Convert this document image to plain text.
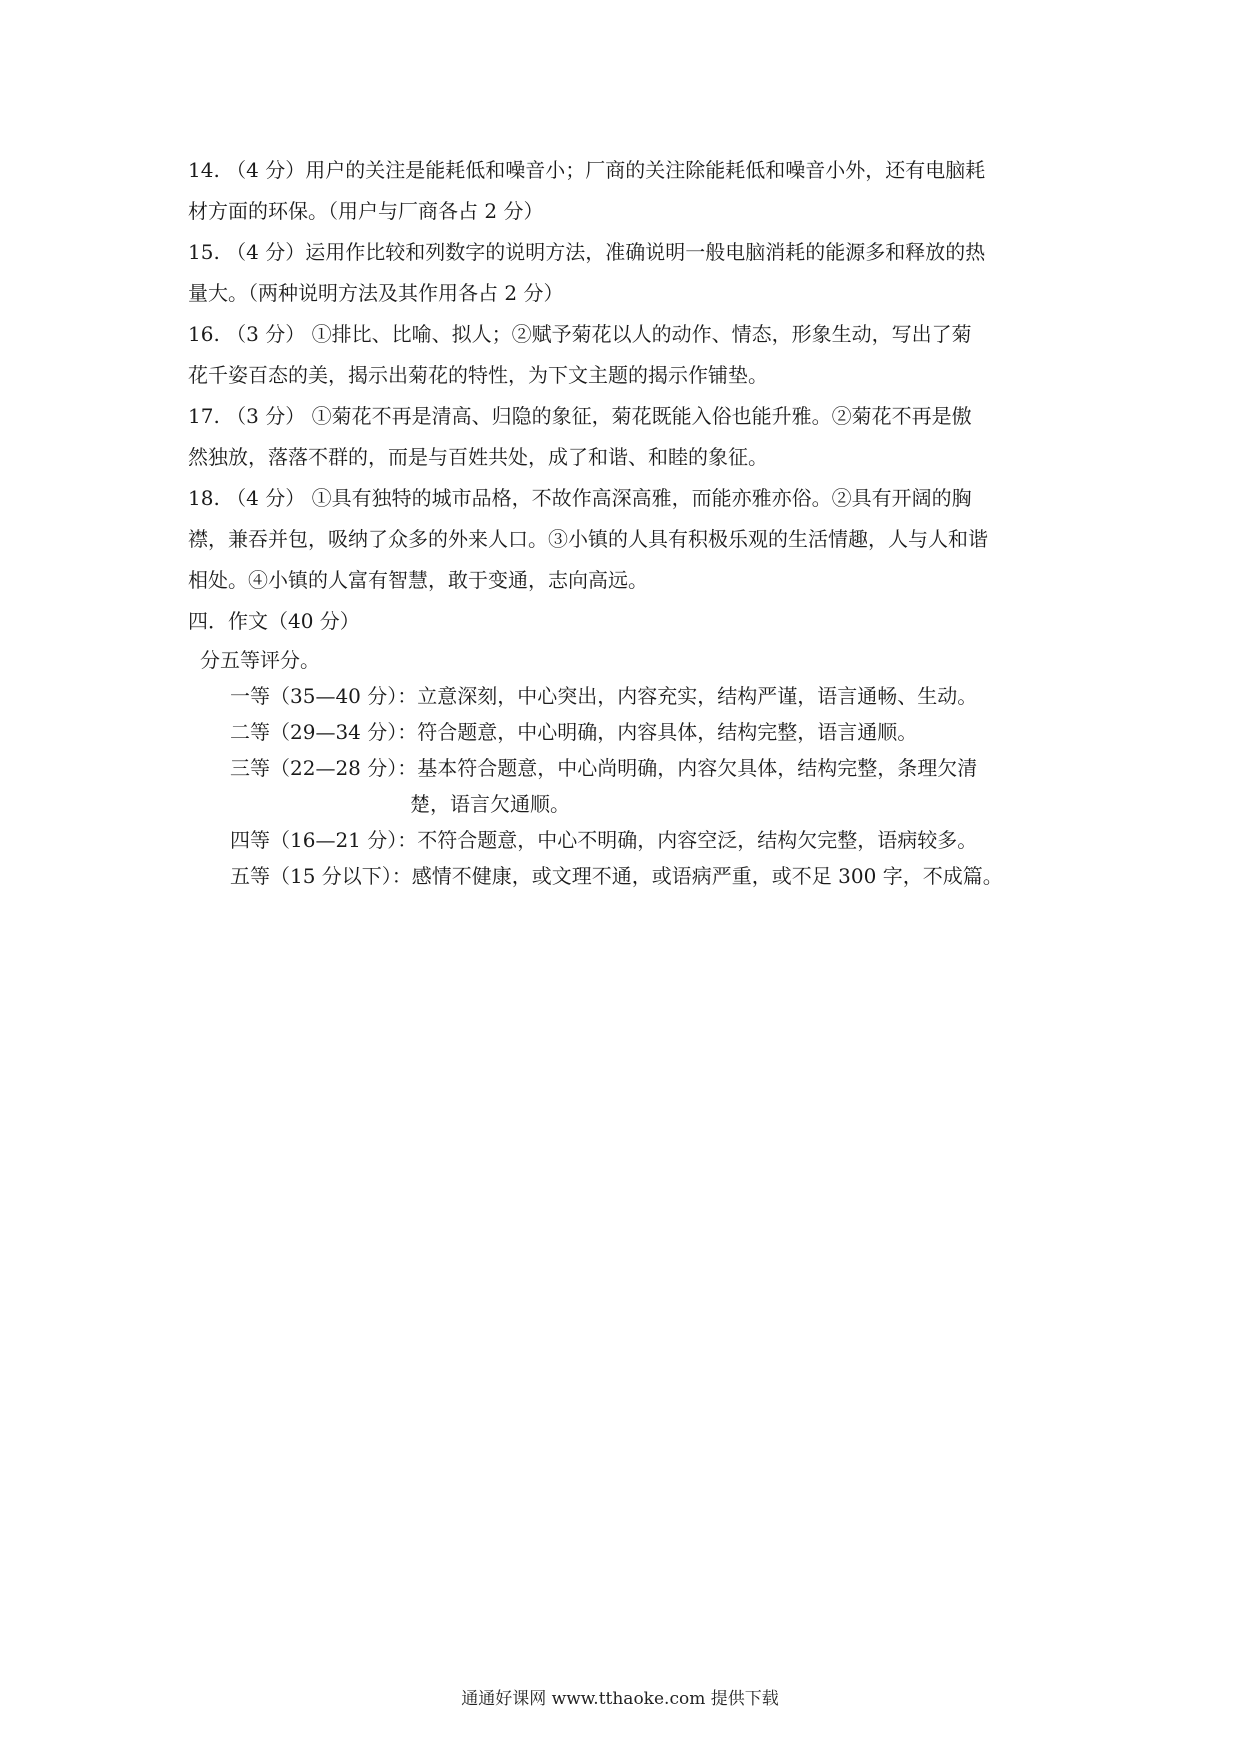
14. （4 分）用户的关注是能耗低和噪音小；厂商的关注除能耗低和噪音小外，还有电脑耗
材方面的环保。（用户与厂商各占 2 分）

15. （4 分）运用作比较和列数字的说明方法，准确说明一般电脑消耗的能源多和释放的热
量大。（两种说明方法及其作用各占 2 分）

16. （3 分） ①排比、比喻、拟人；②赋予菊花以人的动作、情态，形象生动，写出了菊
花千姿百态的美，揭示出菊花的特性，为下文主题的揭示作铺垫。

17. （3 分） ①菊花不再是清高、归隐的象征，菊花既能入俗也能升雅。②菊花不再是傲
然独放，落落不群的，而是与百姓共处，成了和谐、和睦的象征。

18. （4 分） ①具有独特的城市品格，不故作高深高雅，而能亦雅亦俗。②具有开阔的胸
襟，兼吞并包，吸纳了众多的外来人口。③小镇的人具有积极乐观的生活情趣，人与人和谐
相处。④小镇的人富有智慧，敢于变通，志向高远。

四．作文（40 分）

分五等评分。

一等（35—40 分）：立意深刻，中心突出，内容充实，结构严谨，语言通畅、生动。

二等（29—34 分）：符合题意，中心明确，内容具体，结构完整，语言通顺。

三等（22—28 分）：基本符合题意，中心尚明确，内容欠具体，结构完整，条理欠清
楚，语言欠通顺。

四等（16—21 分）：不符合题意，中心不明确，内容空泛，结构欠完整，语病较多。

五等（15 分以下）：感情不健康，或文理不通，或语病严重，或不足 300 字，不成篇。

通通好课网 www.tthaoke.com 提供下载
